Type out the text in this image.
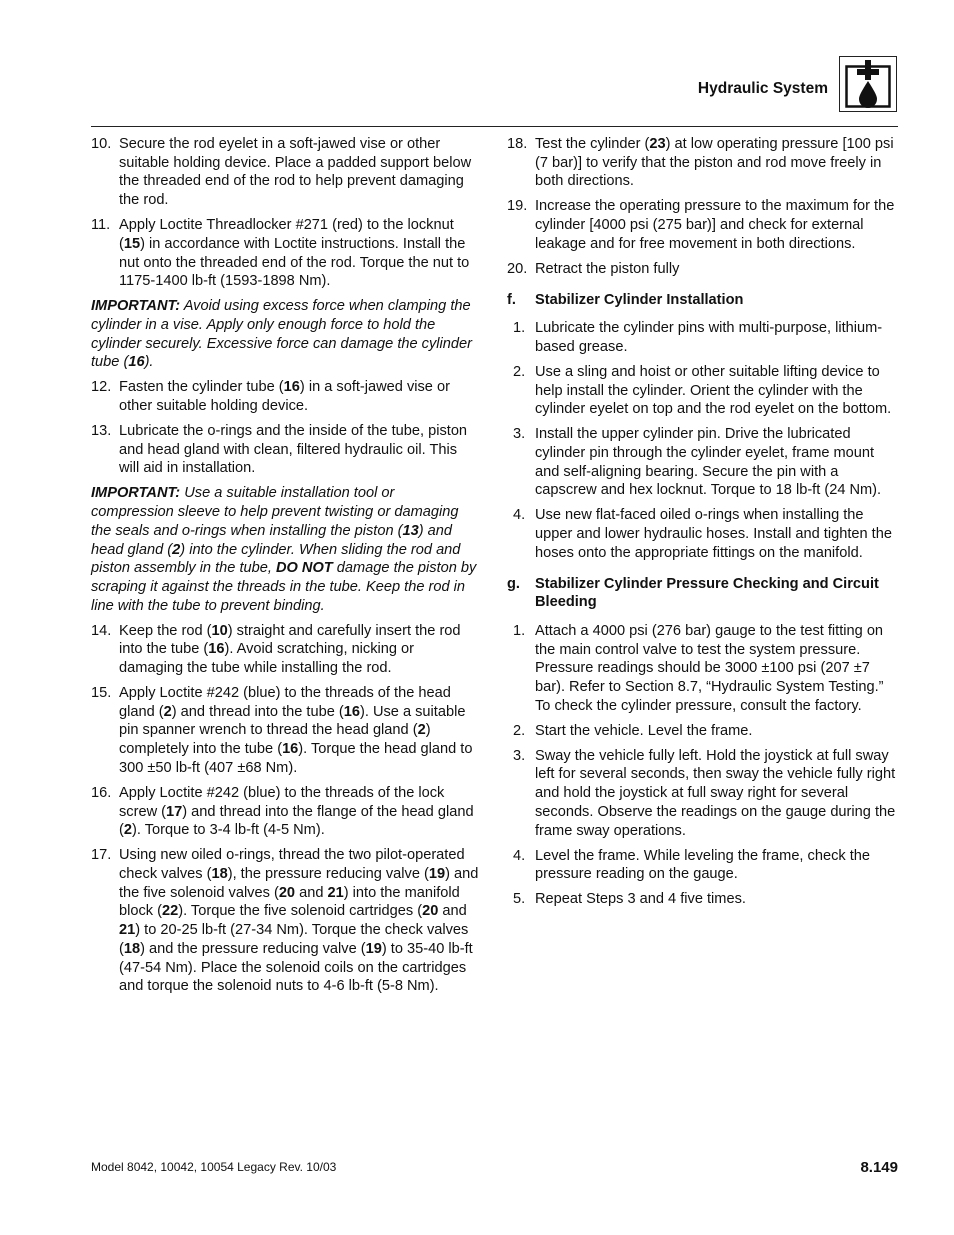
Hydraulic System
10. Secure the rod eyelet in a soft-jawed vise or other suitable holding device. Place a padded support below the threaded end of the rod to help prevent damaging the rod.
11. Apply Loctite Threadlocker #271 (red) to the locknut (15) in accordance with Loctite instructions. Install the nut onto the threaded end of the rod. Torque the nut to 1175-1400 lb-ft (1593-1898 Nm).
IMPORTANT: Avoid using excess force when clamping the cylinder in a vise. Apply only enough force to hold the cylinder securely. Excessive force can damage the cylinder tube (16).
12. Fasten the cylinder tube (16) in a soft-jawed vise or other suitable holding device.
13. Lubricate the o-rings and the inside of the tube, piston and head gland with clean, filtered hydraulic oil. This will aid in installation.
IMPORTANT: Use a suitable installation tool or compression sleeve to help prevent twisting or damaging the seals and o-rings when installing the piston (13) and head gland (2) into the cylinder. When sliding the rod and piston assembly in the tube, DO NOT damage the piston by scraping it against the threads in the tube. Keep the rod in line with the tube to prevent binding.
14. Keep the rod (10) straight and carefully insert the rod into the tube (16). Avoid scratching, nicking or damaging the tube while installing the rod.
15. Apply Loctite #242 (blue) to the threads of the head gland (2) and thread into the tube (16). Use a suitable pin spanner wrench to thread the head gland (2) completely into the tube (16). Torque the head gland to 300 ±50 lb-ft (407 ±68 Nm).
16. Apply Loctite #242 (blue) to the threads of the lock screw (17) and thread into the flange of the head gland (2). Torque to 3-4 lb-ft (4-5 Nm).
17. Using new oiled o-rings, thread the two pilot-operated check valves (18), the pressure reducing valve (19) and the five solenoid valves (20 and 21) into the manifold block (22). Torque the five solenoid cartridges (20 and 21) to 20-25 lb-ft (27-34 Nm). Torque the check valves (18) and the pressure reducing valve (19) to 35-40 lb-ft (47-54 Nm). Place the solenoid coils on the cartridges and torque the solenoid nuts to 4-6 lb-ft (5-8 Nm).
18. Test the cylinder (23) at low operating pressure [100 psi (7 bar)] to verify that the piston and rod move freely in both directions.
19. Increase the operating pressure to the maximum for the cylinder [4000 psi (275 bar)] and check for external leakage and for free movement in both directions.
20. Retract the piston fully
f. Stabilizer Cylinder Installation
1. Lubricate the cylinder pins with multi-purpose, lithium-based grease.
2. Use a sling and hoist or other suitable lifting device to help install the cylinder. Orient the cylinder with the cylinder eyelet on top and the rod eyelet on the bottom.
3. Install the upper cylinder pin. Drive the lubricated cylinder pin through the cylinder eyelet, frame mount and self-aligning bearing. Secure the pin with a capscrew and hex locknut. Torque to 18 lb-ft (24 Nm).
4. Use new flat-faced oiled o-rings when installing the upper and lower hydraulic hoses. Install and tighten the hoses onto the appropriate fittings on the manifold.
g. Stabilizer Cylinder Pressure Checking and Circuit Bleeding
1. Attach a 4000 psi (276 bar) gauge to the test fitting on the main control valve to test the system pressure. Pressure readings should be 3000 ±100 psi (207 ±7 bar). Refer to Section 8.7, “Hydraulic System Testing.” To check the cylinder pressure, consult the factory.
2. Start the vehicle. Level the frame.
3. Sway the vehicle fully left. Hold the joystick at full sway left for several seconds, then sway the vehicle fully right and hold the joystick at full sway right for several seconds. Observe the readings on the gauge during the frame sway operations.
4. Level the frame. While leveling the frame, check the pressure reading on the gauge.
5. Repeat Steps 3 and 4 five times.
Model 8042, 10042, 10054 Legacy Rev. 10/03	8.149
